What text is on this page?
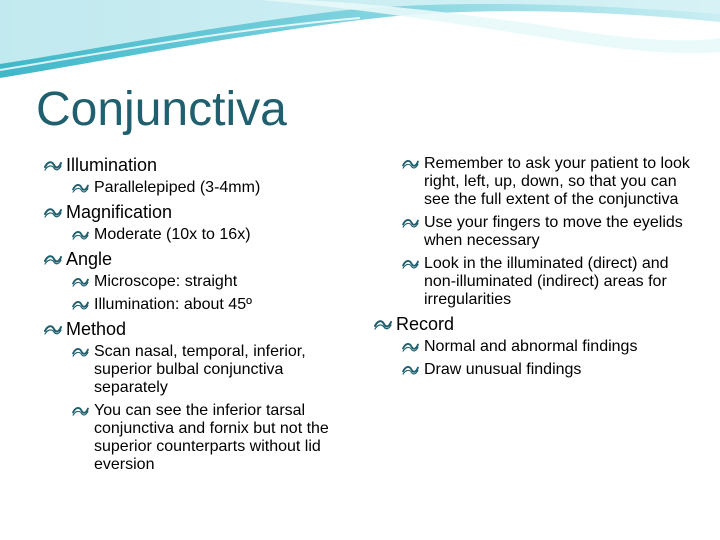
Conjunctiva
Illumination
Parallelepiped (3-4mm)
Magnification
Moderate (10x to 16x)
Angle
Microscope: straight
Illumination: about 45º
Method
Scan nasal, temporal, inferior, superior bulbal conjunctiva separately
You can see the inferior tarsal conjunctiva and fornix but not the superior counterparts without lid eversion
Remember to ask your patient to look right, left, up, down, so that you can see the full extent of the conjunctiva
Use your fingers to move the eyelids when necessary
Look in the illuminated (direct) and non-illuminated (indirect) areas for irregularities
Record
Normal and abnormal findings
Draw unusual findings
